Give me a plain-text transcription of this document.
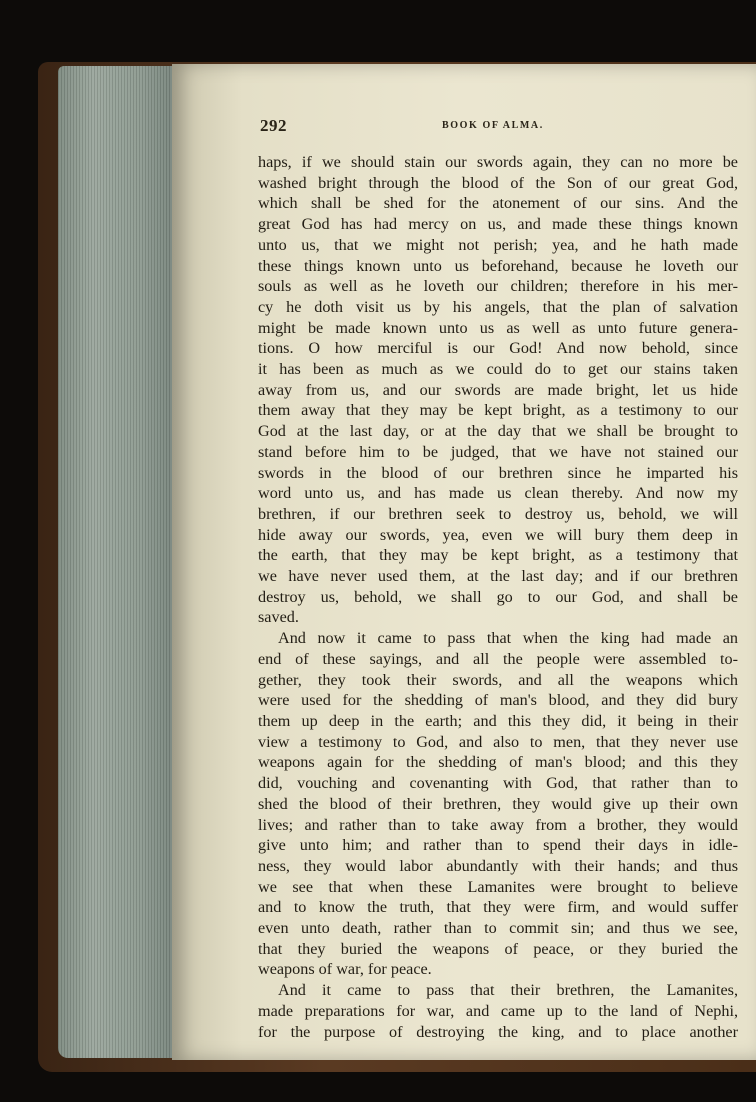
292	BOOK OF ALMA.
haps, if we should stain our swords again, they can no more be
washed bright through the blood of the Son of our great God,
which shall be shed for the atonement of our sins. And the
great God has had mercy on us, and made these things known
unto us, that we might not perish; yea, and he hath made
these things known unto us beforehand, because he loveth our
souls as well as he loveth our children; therefore in his mer-
cy he doth visit us by his angels, that the plan of salvation
might be made known unto us as well as unto future genera-
tions. O how merciful is our God! And now behold, since
it has been as much as we could do to get our stains taken
away from us, and our swords are made bright, let us hide
them away that they may be kept bright, as a testimony to our
God at the last day, or at the day that we shall be brought to
stand before him to be judged, that we have not stained our
swords in the blood of our brethren since he imparted his
word unto us, and has made us clean thereby. And now my
brethren, if our brethren seek to destroy us, behold, we will
hide away our swords, yea, even we will bury them deep in
the earth, that they may be kept bright, as a testimony that
we have never used them, at the last day; and if our brethren
destroy us, behold, we shall go to our God, and shall be
saved.
And now it came to pass that when the king had made an
end of these sayings, and all the people were assembled to-
gether, they took their swords, and all the weapons which
were used for the shedding of man's blood, and they did bury
them up deep in the earth; and this they did, it being in their
view a testimony to God, and also to men, that they never use
weapons again for the shedding of man's blood; and this they
did, vouching and covenanting with God, that rather than to
shed the blood of their brethren, they would give up their own
lives; and rather than to take away from a brother, they would
give unto him; and rather than to spend their days in idle-
ness, they would labor abundantly with their hands; and thus
we see that when these Lamanites were brought to believe
and to know the truth, that they were firm, and would suffer
even unto death, rather than to commit sin; and thus we see,
that they buried the weapons of peace, or they buried the
weapons of war, for peace.
And it came to pass that their brethren, the Lamanites,
made preparations for war, and came up to the land of Nephi,
for the purpose of destroying the king, and to place another
